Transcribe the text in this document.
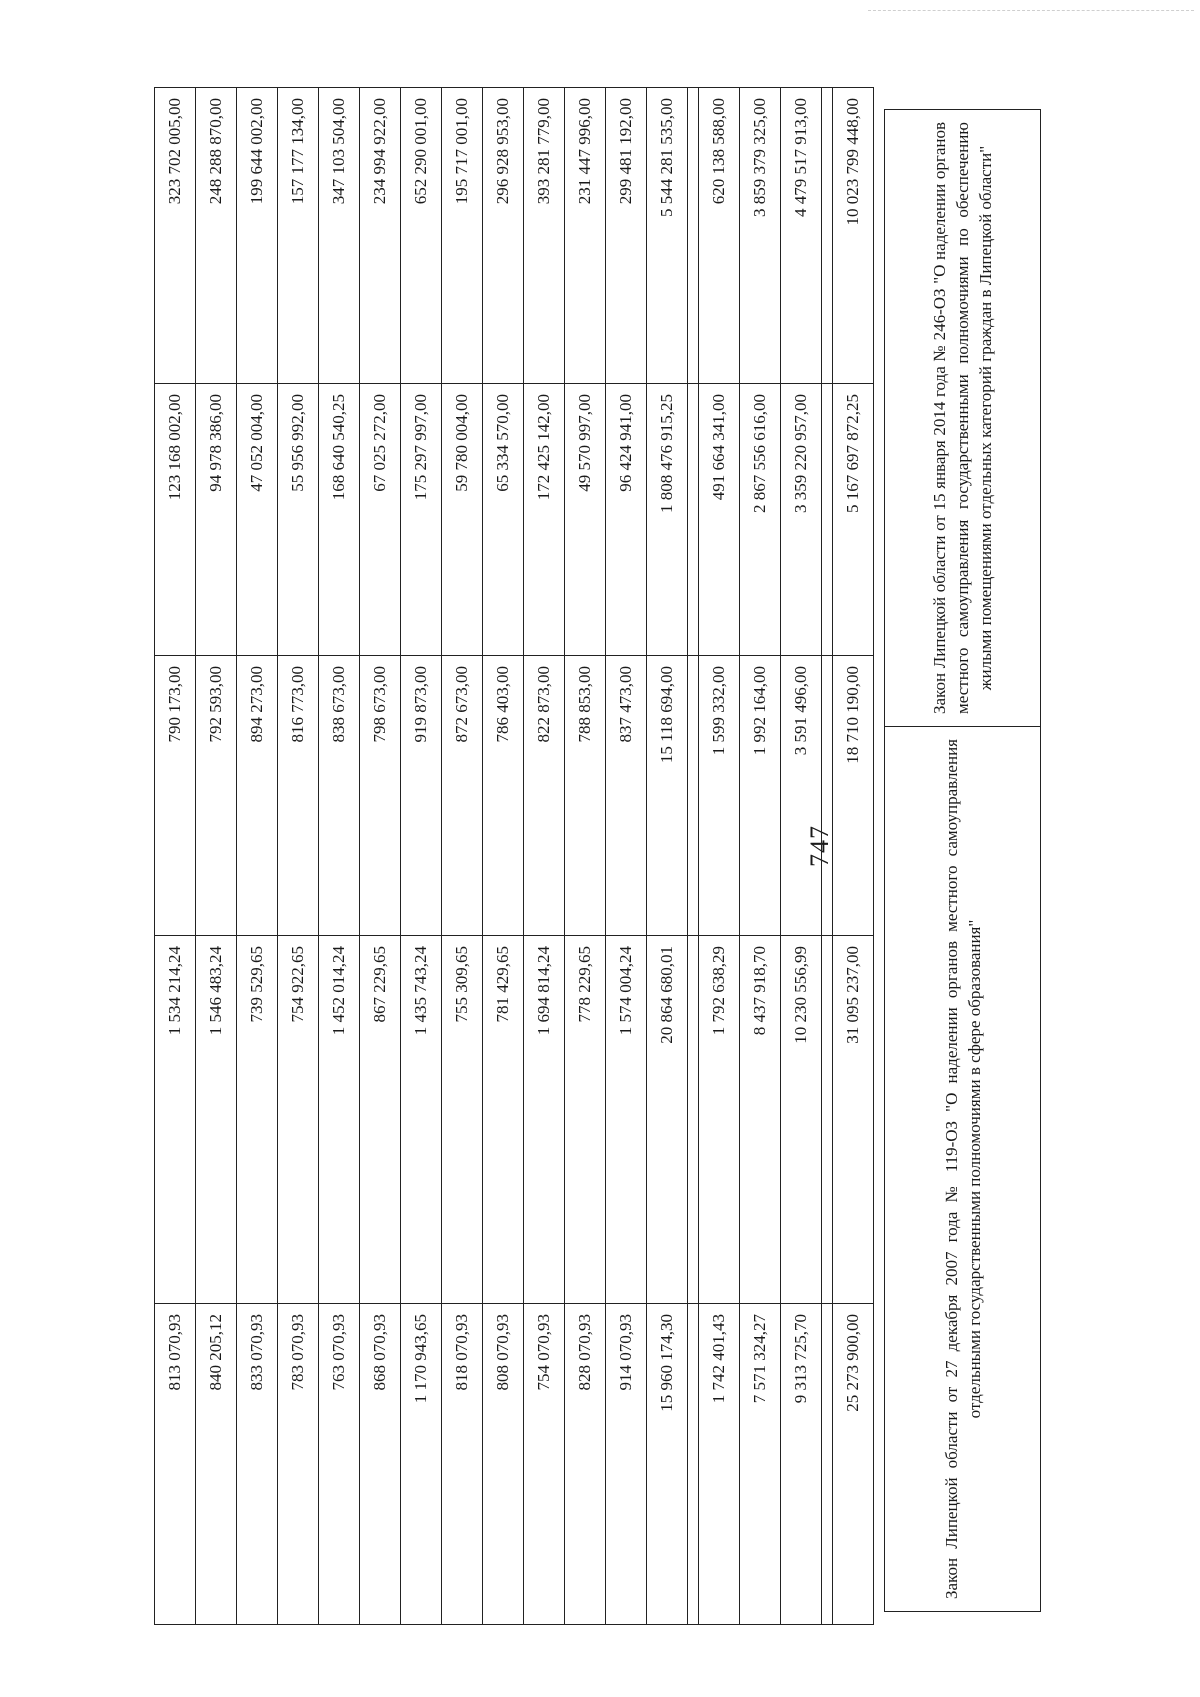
747
813 070,93	1 534 214,24	790 173,00	123 168 002,00	323 702 005,00
840 205,12	1 546 483,24	792 593,00	94 978 386,00	248 288 870,00
833 070,93	739 529,65	894 273,00	47 052 004,00	199 644 002,00
783 070,93	754 922,65	816 773,00	55 956 992,00	157 177 134,00
763 070,93	1 452 014,24	838 673,00	168 640 540,25	347 103 504,00
868 070,93	867 229,65	798 673,00	67 025 272,00	234 994 922,00
1 170 943,65	1 435 743,24	919 873,00	175 297 997,00	652 290 001,00
818 070,93	755 309,65	872 673,00	59 780 004,00	195 717 001,00
808 070,93	781 429,65	786 403,00	65 334 570,00	296 928 953,00
754 070,93	1 694 814,24	822 873,00	172 425 142,00	393 281 779,00
828 070,93	778 229,65	788 853,00	49 570 997,00	231 447 996,00
914 070,93	1 574 004,24	837 473,00	96 424 941,00	299 481 192,00
15 960 174,30	20 864 680,01	15 118 694,00	1 808 476 915,25	5 544 281 535,00

1 742 401,43	1 792 638,29	1 599 332,00	491 664 341,00	620 138 588,00
7 571 324,27	8 437 918,70	1 992 164,00	2 867 556 616,00	3 859 379 325,00
9 313 725,70	10 230 556,99	3 591 496,00	3 359 220 957,00	4 479 517 913,00

25 273 900,00	31 095 237,00	18 710 190,00	5 167 697 872,25	10 023 799 448,00
Закон Липецкой области от 27 декабря 2007 года № 119-ОЗ "О наделении органов местного самоуправления отдельными государственными полномочиями в сфере образования"	Закон Липецкой области от 15 января 2014 года № 246-ОЗ "О наделении органов местного самоуправления государственными полномочиями по обеспечению жилыми помещениями отдельных категорий граждан в Липецкой области"
